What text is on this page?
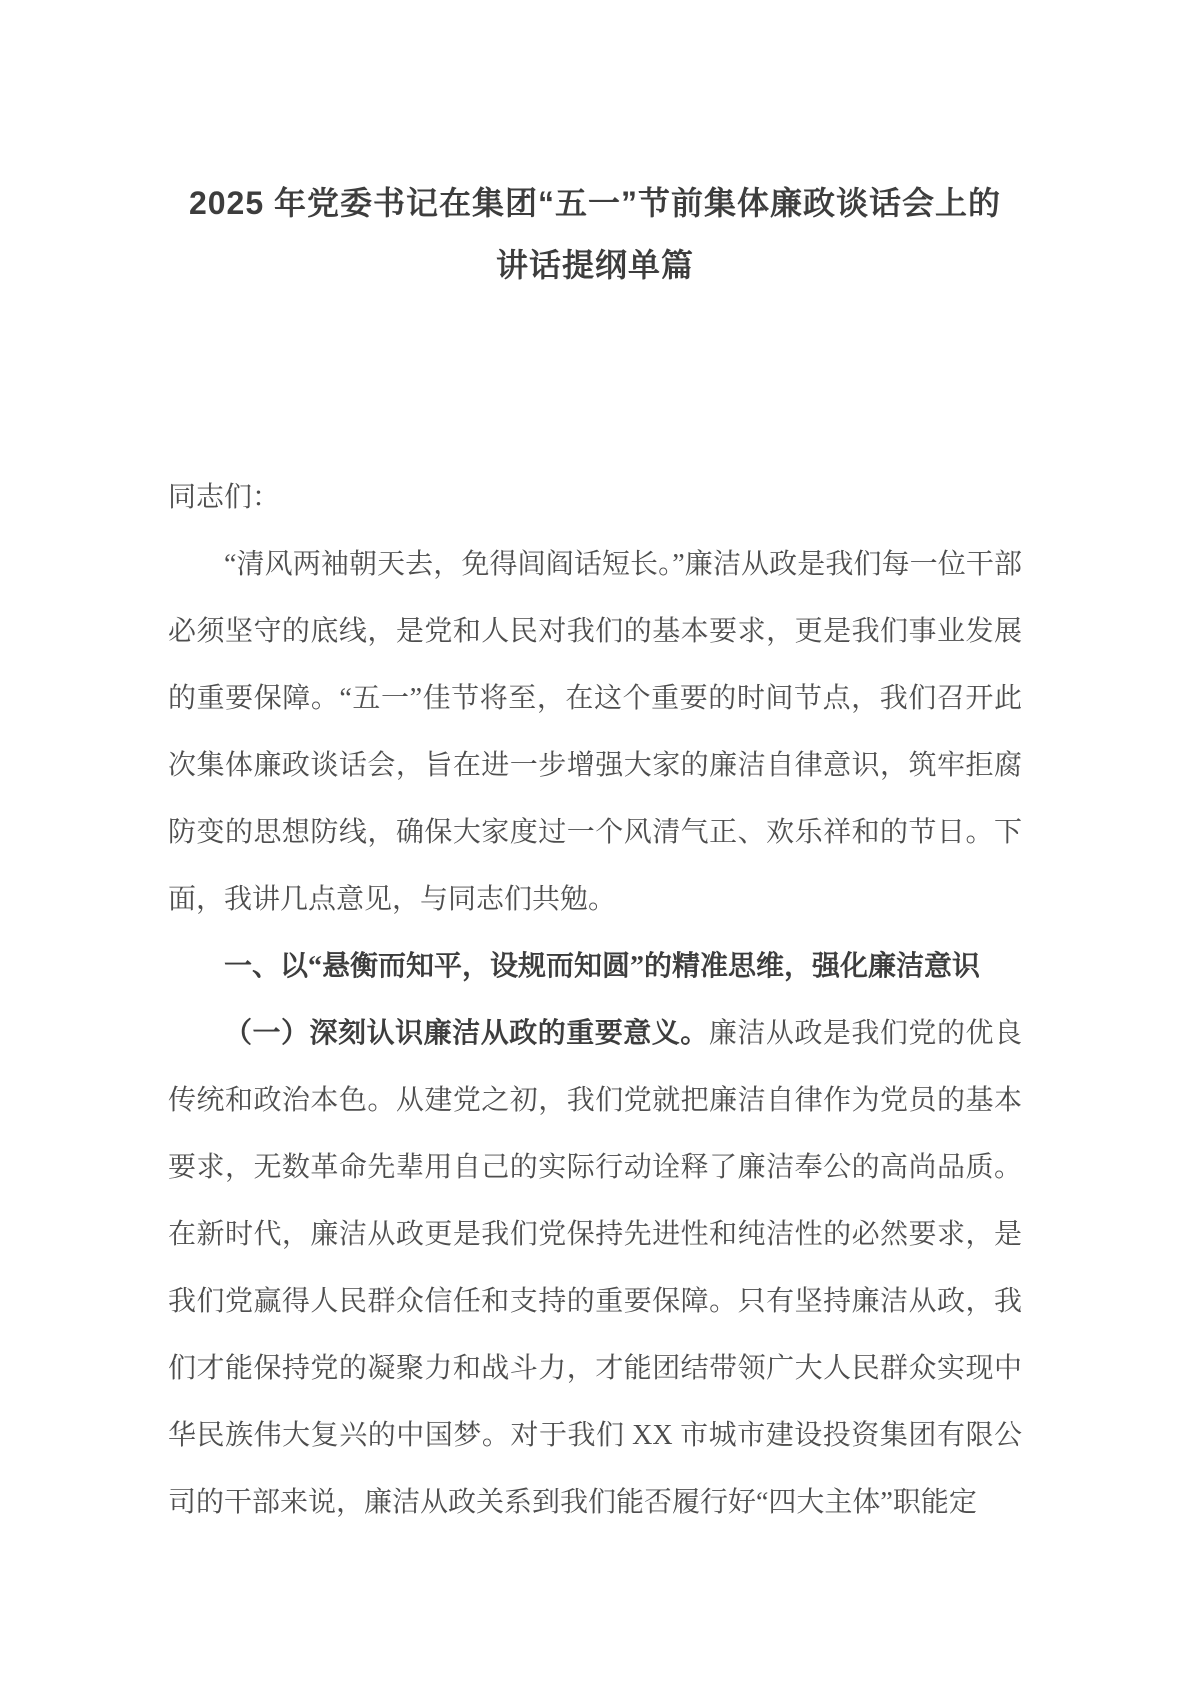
2025 年党委书记在集团“五一”节前集体廉政谈话会上的
讲话提纲单篇

同志们：

“清风两袖朝天去，免得闾阎话短长。”廉洁从政是我们每一位干部必须坚守的底线，是党和人民对我们的基本要求，更是我们事业发展的重要保障。“五一”佳节将至，在这个重要的时间节点，我们召开此次集体廉政谈话会，旨在进一步增强大家的廉洁自律意识，筑牢拒腐防变的思想防线，确保大家度过一个风清气正、欢乐祥和的节日。下面，我讲几点意见，与同志们共勉。

一、以“悬衡而知平，设规而知圆”的精准思维，强化廉洁意识

（一）深刻认识廉洁从政的重要意义。廉洁从政是我们党的优良传统和政治本色。从建党之初，我们党就把廉洁自律作为党员的基本要求，无数革命先辈用自己的实际行动诠释了廉洁奉公的高尚品质。在新时代，廉洁从政更是我们党保持先进性和纯洁性的必然要求，是我们党赢得人民群众信任和支持的重要保障。只有坚持廉洁从政，我们才能保持党的凝聚力和战斗力，才能团结带领广大人民群众实现中华民族伟大复兴的中国梦。对于我们 XX 市城市建设投资集团有限公司的干部来说，廉洁从政关系到我们能否履行好“四大主体”职能定
